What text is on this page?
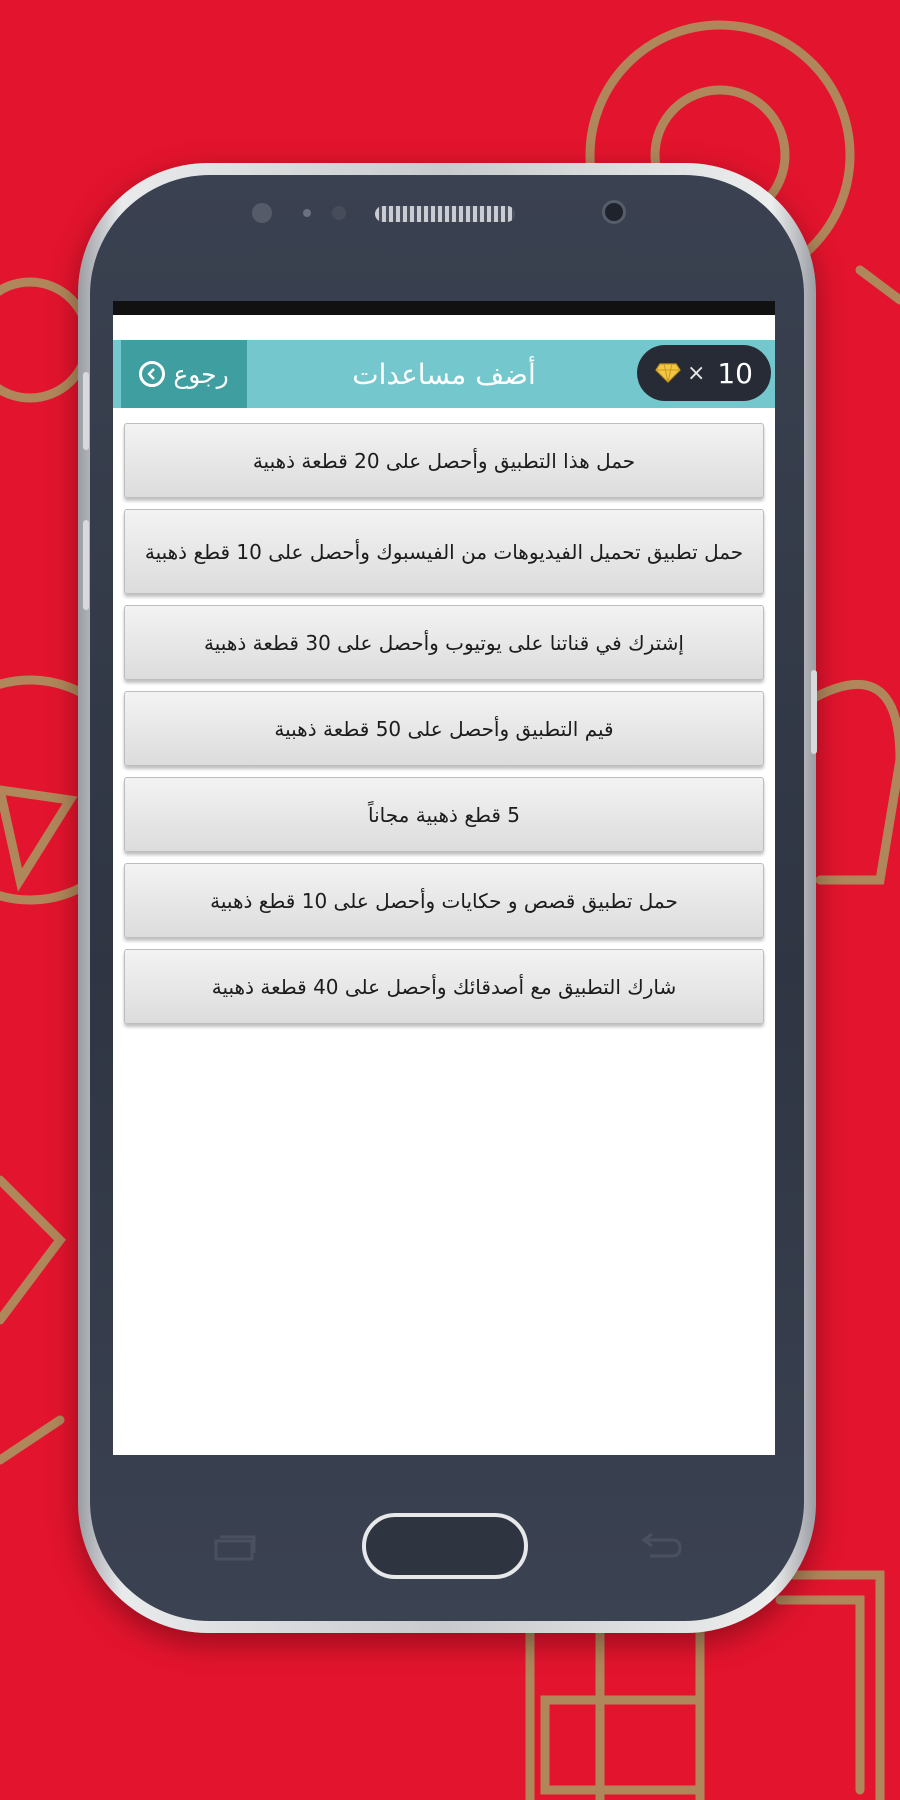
رجوع	أضف مساعدات	× 10
حمل هذا التطبيق وأحصل على 20 قطعة ذهبية
حمل تطبيق تحميل الفيديوهات من الفيسبوك وأحصل على 10 قطع ذهبية
إشترك في قناتنا على يوتيوب وأحصل على 30 قطعة ذهبية
قيم التطبيق وأحصل على 50 قطعة ذهبية
5 قطع ذهبية مجاناً
حمل تطبيق قصص و حكايات وأحصل على 10 قطع ذهبية
شارك التطبيق مع أصدقائك وأحصل على 40 قطعة ذهبية
